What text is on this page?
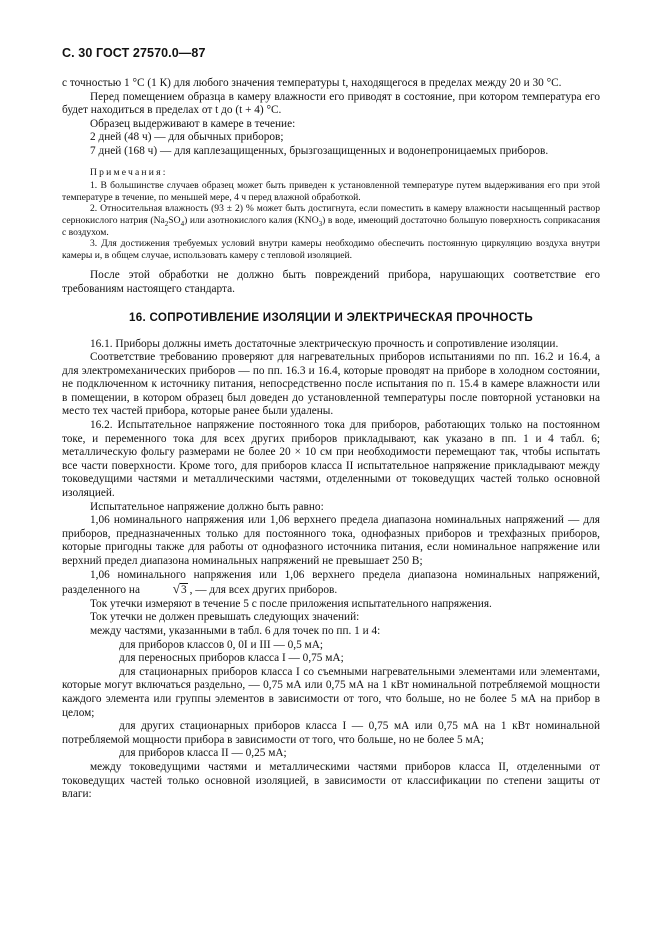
С. 30 ГОСТ 27570.0—87

с точностью 1 °С (1 К) для любого значения температуры t, находящегося в пределах между 20 и 30 °С.

Перед помещением образца в камеру влажности его приводят в состояние, при котором температура его будет находиться в пределах от t до (t + 4) °С.

Образец выдерживают в камере в течение:

2 дней (48 ч) — для обычных приборов;

7 дней (168 ч) — для каплезащищенных, брызгозащищенных и водонепроницаемых приборов.

Примечания:

1. В большинстве случаев образец может быть приведен к установленной температуре путем выдерживания его при этой температуре в течение, по меньшей мере, 4 ч перед влажной обработкой.

2. Относительная влажность (93 ± 2) % может быть достигнута, если поместить в камеру влажности насыщенный раствор сернокислого натрия $(Na_2SO_4)$ или азотнокислого калия $(KNO_3)$ в воде, имеющий достаточно большую поверхность соприкасания с воздухом.

3. Для достижения требуемых условий внутри камеры необходимо обеспечить постоянную циркуляцию воздуха внутри камеры и, в общем случае, использовать камеру с тепловой изоляцией.

После этой обработки не должно быть повреждений прибора, нарушающих соответствие его требованиям настоящего стандарта.

16. СОПРОТИВЛЕНИЕ ИЗОЛЯЦИИ И ЭЛЕКТРИЧЕСКАЯ ПРОЧНОСТЬ

16.1. Приборы должны иметь достаточные электрическую прочность и сопротивление изоляции.

Соответствие требованию проверяют для нагревательных приборов испытаниями по пп. 16.2 и 16.4, а для электромеханических приборов — по пп. 16.3 и 16.4, которые проводят на приборе в холодном состоянии, не подключенном к источнику питания, непосредственно после испытания по п. 15.4 в камере влажности или в помещении, в котором образец был доведен до установленной температуры после повторной установки на место тех частей прибора, которые ранее были удалены.

16.2. Испытательное напряжение постоянного тока для приборов, работающих только на постоянном токе, и переменного тока для всех других приборов прикладывают, как указано в пп. 1 и 4 табл. 6; металлическую фольгу размерами не более 20 × 10 см при необходимости перемещают так, чтобы испытать все части поверхности. Кроме того, для приборов класса II испытательное напряжение прикладывают между токоведущими частями и металлическими частями, отделенными от токоведущих частей только основной изоляцией.

Испытательное напряжение должно быть равно:

1,06 номинального напряжения или 1,06 верхнего предела диапазона номинальных напряжений — для приборов, предназначенных только для постоянного тока, однофазных приборов и трехфазных приборов, которые пригодны также для работы от однофазного источника питания, если номинальное напряжение или верхний предел диапазона номинальных напряжений не превышает 250 В;

1,06 номинального напряжения или 1,06 верхнего предела диапазона номинальных напряжений, разделенного на	√3 , — для всех других приборов.

Ток утечки измеряют в течение 5 с после приложения испытательного напряжения.

Ток утечки не должен превышать следующих значений:

между частями, указанными в табл. 6 для точек по пп. 1 и 4:

для приборов классов 0, 0I и III — 0,5 мА;

для переносных приборов класса I — 0,75 мА;

для стационарных приборов класса I со съемными нагревательными элементами или элементами, которые могут включаться раздельно, — 0,75 мА или 0,75 мА на 1 кВт номинальной потребляемой мощности каждого элемента или группы элементов в зависимости от того, что больше, но не более 5 мА на прибор в целом;

для других стационарных приборов класса I — 0,75 мА или 0,75 мА на 1 кВт номинальной потребляемой мощности прибора в зависимости от того, что больше, но не более 5 мА;

для приборов класса II — 0,25 мА;

между токоведущими частями и металлическими частями приборов класса II, отделенными от токоведущих частей только основной изоляцией, в зависимости от классификации по степени защиты от влаги:
